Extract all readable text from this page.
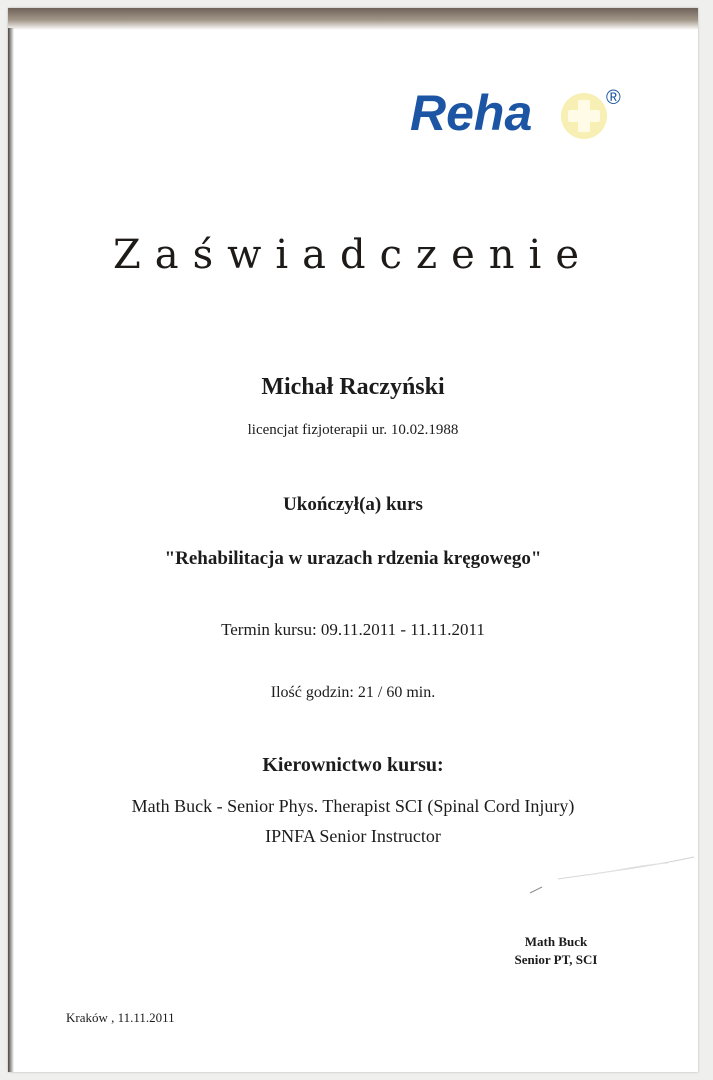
Reha	®
Zaświadczenie
Michał Raczyński
licencjat fizjoterapii ur. 10.02.1988
Ukończył(a) kurs
"Rehabilitacja w urazach rdzenia kręgowego"
Termin kursu: 09.11.2011 - 11.11.2011
Ilość godzin: 21 / 60 min.
Kierownictwo kursu:
Math Buck - Senior Phys. Therapist SCI (Spinal Cord Injury)
IPNFA Senior Instructor
Math Buck
Senior PT, SCI
Kraków , 11.11.2011
